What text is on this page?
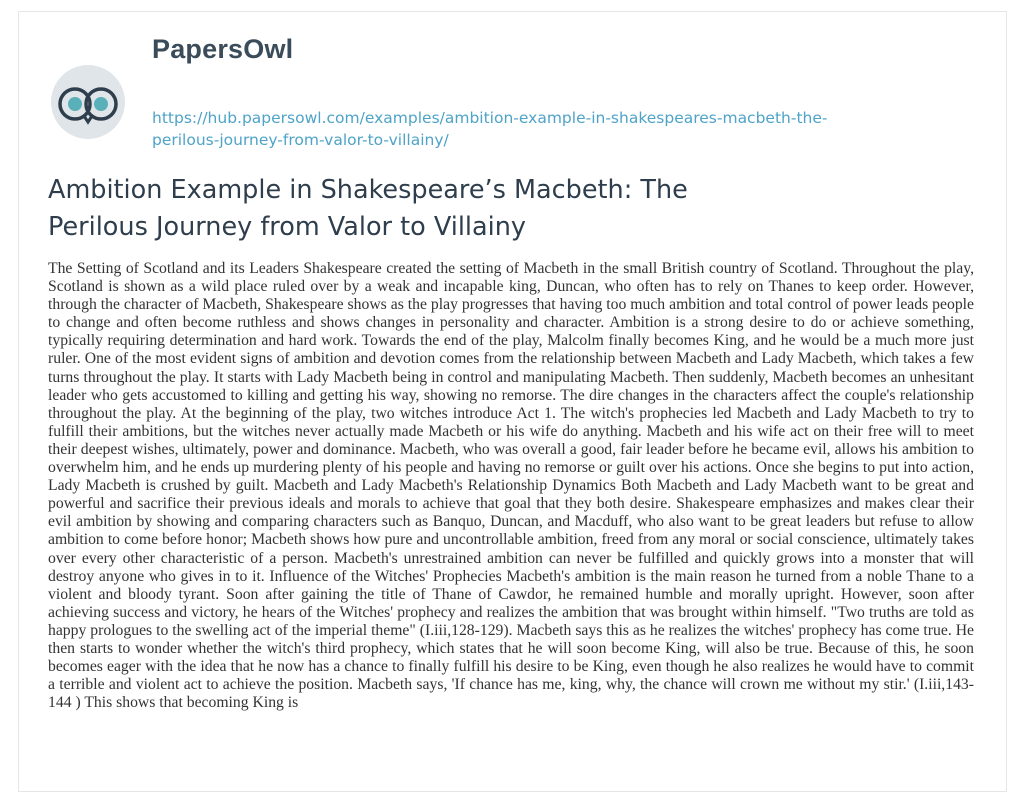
PapersOwl

https://hub.papersowl.com/examples/ambition-example-in-shakespeares-macbeth-the-
perilous-journey-from-valor-to-villainy/

Ambition Example in Shakespeare’s Macbeth: The
Perilous Journey from Valor to Villainy

The Setting of Scotland and its Leaders Shakespeare created the setting of Macbeth in the small British country of Scotland. Throughout the play, Scotland is shown as a wild place ruled over by a weak and incapable king, Duncan, who often has to rely on Thanes to keep order. However, through the character of Macbeth, Shakespeare shows as the play progresses that having too much ambition and total control of power leads people to change and often become ruthless and shows changes in personality and character. Ambition is a strong desire to do or achieve something, typically requiring determination and hard work. Towards the end of the play, Malcolm finally becomes King, and he would be a much more just ruler. One of the most evident signs of ambition and devotion comes from the relationship between Macbeth and Lady Macbeth, which takes a few turns throughout the play. It starts with Lady Macbeth being in control and manipulating Macbeth. Then suddenly, Macbeth becomes an unhesitant leader who gets accustomed to killing and getting his way, showing no remorse. The dire changes in the characters affect the couple's relationship throughout the play. At the beginning of the play, two witches introduce Act 1. The witch's prophecies led Macbeth and Lady Macbeth to try to fulfill their ambitions, but the witches never actually made Macbeth or his wife do anything. Macbeth and his wife act on their free will to meet their deepest wishes, ultimately, power and dominance. Macbeth, who was overall a good, fair leader before he became evil, allows his ambition to overwhelm him, and he ends up murdering plenty of his people and having no remorse or guilt over his actions. Once she begins to put into action, Lady Macbeth is crushed by guilt. Macbeth and Lady Macbeth's Relationship Dynamics Both Macbeth and Lady Macbeth want to be great and powerful and sacrifice their previous ideals and morals to achieve that goal that they both desire. Shakespeare emphasizes and makes clear their evil ambition by showing and comparing characters such as Banquo, Duncan, and Macduff, who also want to be great leaders but refuse to allow ambition to come before honor; Macbeth shows how pure and uncontrollable ambition, freed from any moral or social conscience, ultimately takes over every other characteristic of a person. Macbeth's unrestrained ambition can never be fulfilled and quickly grows into a monster that will destroy anyone who gives in to it. Influence of the Witches' Prophecies Macbeth's ambition is the main reason he turned from a noble Thane to a violent and bloody tyrant. Soon after gaining the title of Thane of Cawdor, he remained humble and morally upright. However, soon after achieving success and victory, he hears of the Witches' prophecy and realizes the ambition that was brought within himself. "Two truths are told as happy prologues to the swelling act of the imperial theme" (I.iii,128-129). Macbeth says this as he realizes the witches' prophecy has come true. He then starts to wonder whether the witch's third prophecy, which states that he will soon become King, will also be true. Because of this, he soon becomes eager with the idea that he now has a chance to finally fulfill his desire to be King, even though he also realizes he would have to commit a terrible and violent act to achieve the position. Macbeth says, 'If chance has me, king, why, the chance will crown me without my stir.' (I.iii,143-144 ) This shows that becoming King is
